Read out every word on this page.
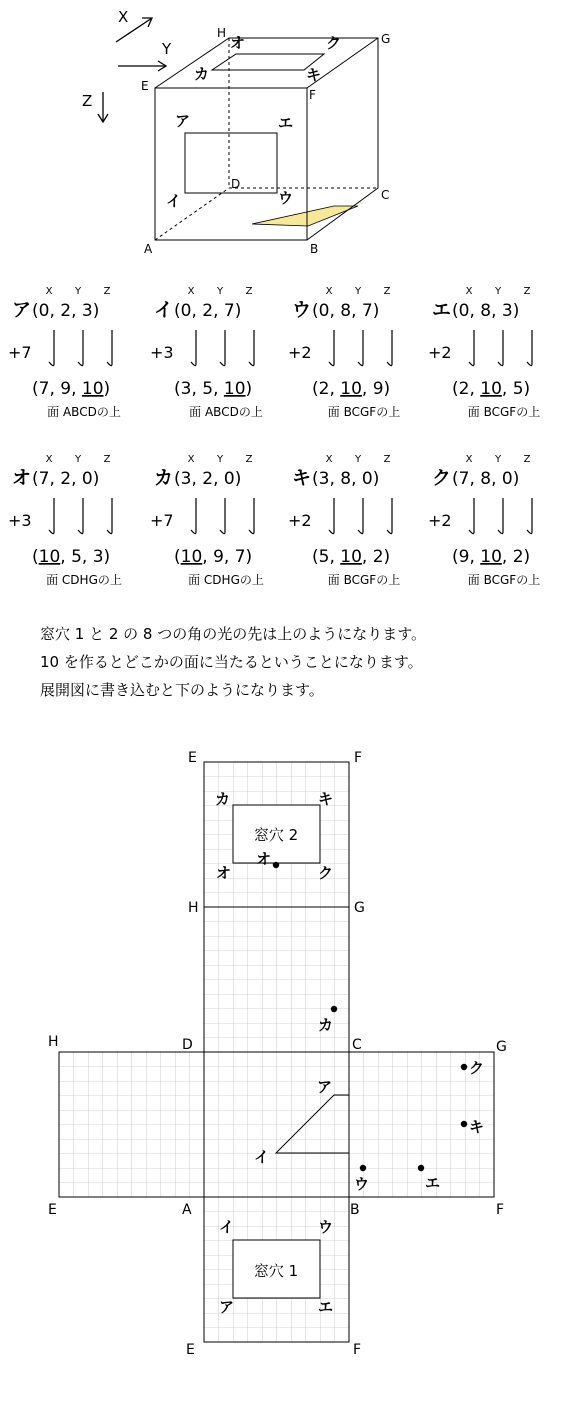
X
Y
Z
A	B
C
D
E
F
G
H
ア	エ
イ	ウ
オ	ク
カ	キ
X Y Z
ア (0, 2, 3)
+7
(7, 9, 10)
面 ABCDの上
X Y Z
イ (0, 2, 7)
+3
(3, 5, 10)
面 ABCDの上
X Y Z
ウ (0, 8, 7)
+2
(2, 10, 9)
面 BCGFの上
X Y Z
エ (0, 8, 3)
+2
(2, 10, 5)
面 BCGFの上
X Y Z
オ (7, 2, 0)
+3
(10, 5, 3)
面 CDHGの上
X Y Z
カ (3, 2, 0)
+7
(10, 9, 7)
面 CDHGの上
X Y Z
キ (3, 8, 0)
+2
(5, 10, 2)
面 BCGFの上
X Y Z
ク (7, 8, 0)
+2
(9, 10, 2)
面 BCGFの上
窓穴 1 と 2 の 8 つの角の光の先は上のようになります。
10 を作るとどこかの面に当たるということになります。
展開図に書き込むと下のようになります。
窓穴 2
窓穴 1
E	F
H	G
H	D	C	G
E	A	B	F
E	F
カ	キ
オ	ク
イ	ウ
ア	エ
オ
カ
ク
キ
ア
イ
ウ	エ
